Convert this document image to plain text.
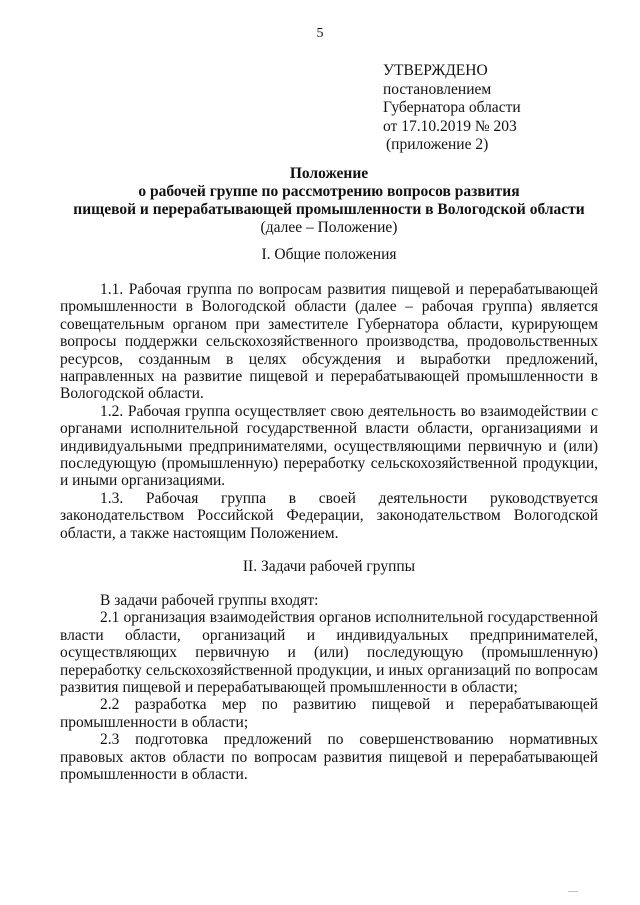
5
УТВЕРЖДЕНО
постановлением
Губернатора области
от 17.10.2019 № 203
(приложение 2)
Положение
о рабочей группе по рассмотрению вопросов развития
пищевой и перерабатывающей промышленности в Вологодской области
(далее – Положение)
I. Общие положения

1.1. Рабочая группа по вопросам развития пищевой и перерабатывающей промышленности в Вологодской области (далее – рабочая группа) является совещательным органом при заместителе Губернатора области, курирующем вопросы поддержки сельскохозяйственного производства, продовольственных ресурсов, созданным в целях обсуждения и выработки предложений, направленных на развитие пищевой и перерабатывающей промышленности в Вологодской области.

1.2. Рабочая группа осуществляет свою деятельность во взаимодействии с органами исполнительной государственной власти области, организациями и индивидуальными предпринимателями, осуществляющими первичную и (или) последующую (промышленную) переработку сельскохозяйственной продукции, и иными организациями.

1.3. Рабочая группа в своей деятельности руководствуется законодательством Российской Федерации, законодательством Вологодской области, а также настоящим Положением.

II. Задачи рабочей группы

В задачи рабочей группы входят:

2.1 организация взаимодействия органов исполнительной государственной власти области, организаций и индивидуальных предпринимателей, осуществляющих первичную и (или) последующую (промышленную) переработку сельскохозяйственной продукции, и иных организаций по вопросам развития пищевой и перерабатывающей промышленности в области;

2.2 разработка мер по развитию пищевой и перерабатывающей промышленности в области;

2.3 подготовка предложений по совершенствованию нормативных правовых актов области по вопросам развития пищевой и перерабатывающей промышленности в области.

—
